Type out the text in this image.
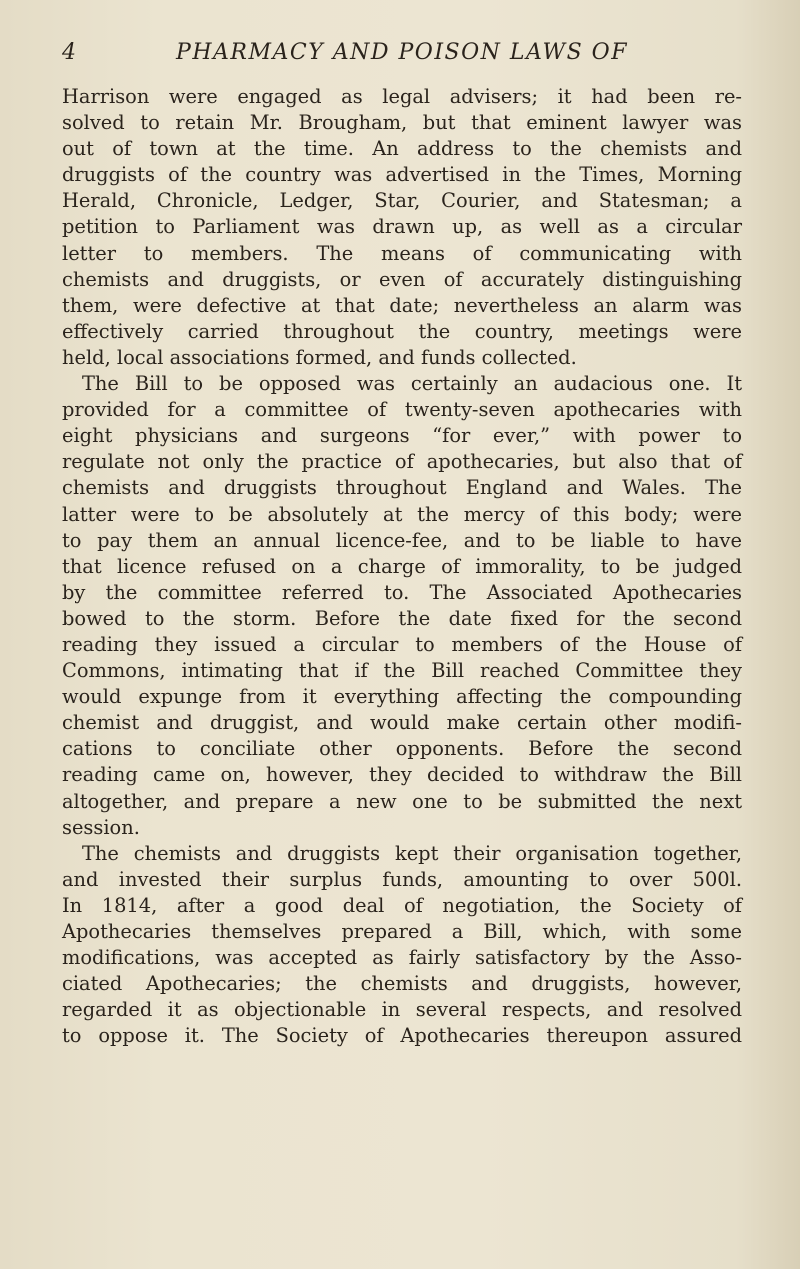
4	PHARMACY AND POISON LAWS OF
Harrison were engaged as legal advisers; it had been re-
solved to retain Mr. Brougham, but that eminent lawyer was
out of town at the time. An address to the chemists and
druggists of the country was advertised in the Times, Morning
Herald, Chronicle, Ledger, Star, Courier, and Statesman; a
petition to Parliament was drawn up, as well as a circular
letter to members. The means of communicating with
chemists and druggists, or even of accurately distinguishing
them, were defective at that date; nevertheless an alarm was
effectively carried throughout the country, meetings were
held, local associations formed, and funds collected.
The Bill to be opposed was certainly an audacious one. It
provided for a committee of twenty-seven apothecaries with
eight physicians and surgeons “for ever,” with power to
regulate not only the practice of apothecaries, but also that of
chemists and druggists throughout England and Wales. The
latter were to be absolutely at the mercy of this body; were
to pay them an annual licence-fee, and to be liable to have
that licence refused on a charge of immorality, to be judged
by the committee referred to. The Associated Apothecaries
bowed to the storm. Before the date fixed for the second
reading they issued a circular to members of the House of
Commons, intimating that if the Bill reached Committee they
would expunge from it everything affecting the compounding
chemist and druggist, and would make certain other modifi-
cations to conciliate other opponents. Before the second
reading came on, however, they decided to withdraw the Bill
altogether, and prepare a new one to be submitted the next
session.
The chemists and druggists kept their organisation together,
and invested their surplus funds, amounting to over 500l.
In 1814, after a good deal of negotiation, the Society of
Apothecaries themselves prepared a Bill, which, with some
modifications, was accepted as fairly satisfactory by the Asso-
ciated Apothecaries; the chemists and druggists, however,
regarded it as objectionable in several respects, and resolved
to oppose it. The Society of Apothecaries thereupon assured
